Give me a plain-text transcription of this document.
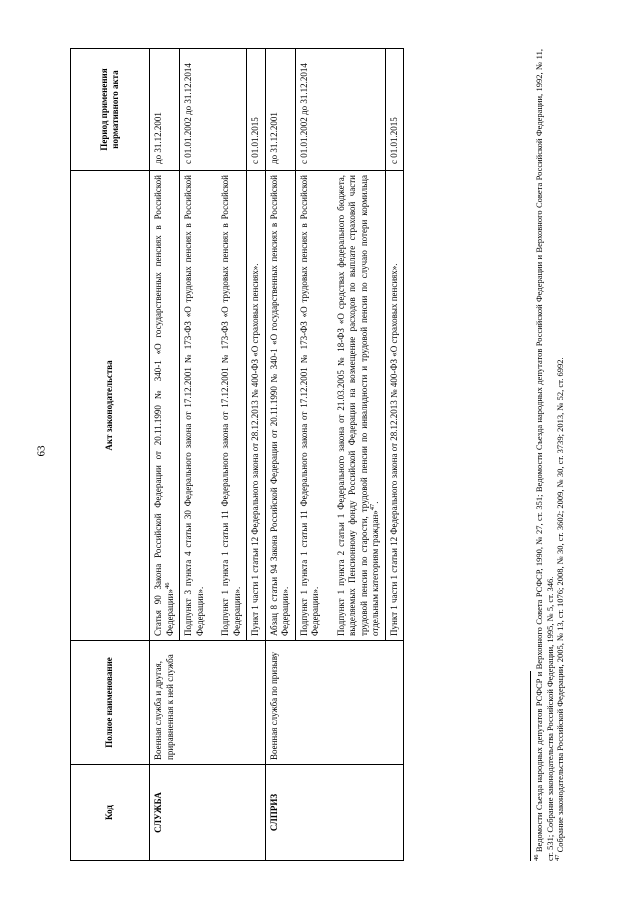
63
Код	Полное наименование	Акт законодательства	Период применения нормативного акта
СЛУЖБА	Военная служба и другая, приравненная к ней служба	Статья 90 Закона Российской Федерации от 20.11.1990 № 340-1 «О государственных пенсиях в Российской Федерации»$^{46}$	до 31.12.2001

		Подпункт 3 пункта 4 статьи 30 Федерального закона от 17.12.2001 № 173-ФЗ «О трудовых пенсиях в Российской Федерации». Подпункт 1 пункта 1 статьи 11 Федерального закона от 17.12.2001 № 173-ФЗ «О трудовых пенсиях в Российской Федерации».	с 01.01.2002 до 31.12.2014
		Пункт 1 части 1 статьи 12 Федерального закона от 28.12.2013 № 400-ФЗ «О страховых пенсиях».	с 01.01.2015
СЛПРИЗ	Военная служба по призыву	Абзац 8 статьи 94 Закона Российской Федерации от 20.11.1990 № 340-1 «О государственных пенсиях в Российской Федерации».	до 31.12.2001

		Подпункт 1 пункта 1 статьи 11 Федерального закона от 17.12.2001 № 173-ФЗ «О трудовых пенсиях в Российской Федерации». Подпункт 1 пункта 2 статьи 1 Федерального закона от 21.03.2005 № 18-ФЗ «О средствах федерального бюджета, выделяемых Пенсионному фонду Российской Федерации на возмещение расходов по выплате страховой части трудовой пенсии по старости, трудовой пенсии по инвалидности и трудовой пенсии по случаю потери кормильца отдельным категориям граждан»$^{47}$.	с 01.01.2002 до 31.12.2014
		Пункт 1 части 1 статьи 12 Федерального закона от 28.12.2013 № 400-ФЗ «О страховых пенсиях».	с 01.01.2015

$^{46}$ Ведомости Съезда народных депутатов РСФСР и Верховного Совета РСФСР, 1990, № 27, ст. 351; Ведомости Съезда народных депутатов Российской Федерации и Верховного Совета Российской Федерации, 1992, № 11, ст. 531; Собрание законодательства Российской Федерации, 1995, № 5, ст. 346. $^{47}$ Собрание законодательства Российской Федерации, 2005, № 13, ст. 1076; 2008, № 30, ст. 3602; 2009, № 30, ст. 3739; 2013, № 52, ст. 6992.
